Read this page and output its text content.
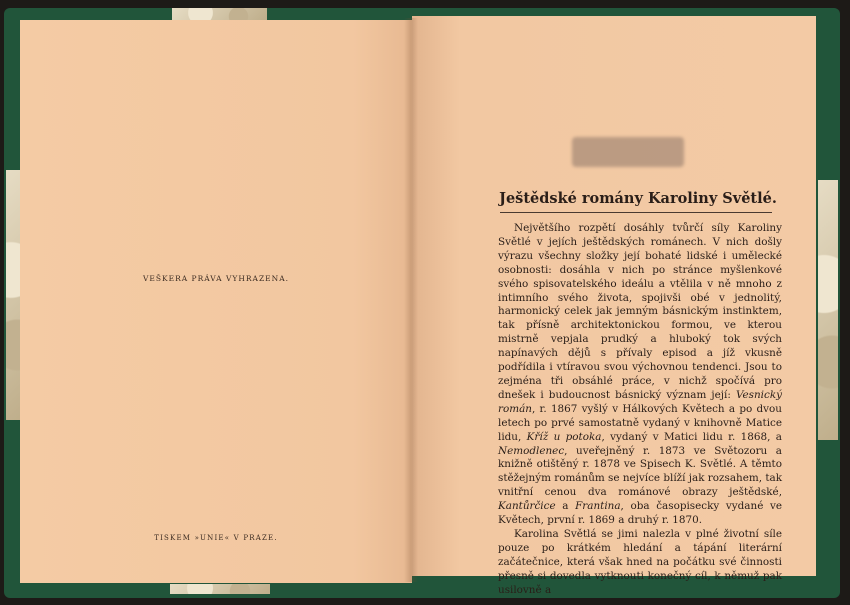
VEŠKERA PRÁVA VYHRAZENA.
TISKEM »UNIE« V PRAZE.
Ještědské romány Karoliny Světlé.

Největšího rozpětí dosáhly tvůrčí síly Karoliny Světlé v jejích ještědských románech. V nich došly výrazu všechny složky její bohaté lidské i umělecké osobnosti: dosáhla v nich po stránce myšlenkové svého spisovatelského ideálu a vtělila v ně mnoho z intimního svého života, spojivši obé v jednolitý, harmonický celek jak jemným básnickým instinktem, tak přísně architektonickou formou, ve kterou mistrně vepjala prudký a hluboký tok svých napínavých dějů s přívaly episod a jíž vkusně podřídila i vtíravou svou výchovnou tendenci. Jsou to zejména tři obsáhlé práce, v nichž spočívá pro dnešek i budoucnost básnický význam její: Vesnický román, r. 1867 vyšlý v Hálkových Květech a po dvou letech po prvé samostatně vydaný v knihovně Matice lidu, Kříž u potoka, vydaný v Matici lidu r. 1868, a Nemodlenec, uveřejněný r. 1873 ve Světozoru a knižně otištěný r. 1878 ve Spisech K. Světlé. A těmto stěžejným románům se nejvíce blíží jak rozsahem, tak vnitřní cenou dva románové obrazy ještědské, Kantůrčice a Frantina, oba časopisecky vydané ve Květech, první r. 1869 a druhý r. 1870.

Karolina Světlá se jimi nalezla v plné životní síle pouze po krátkém hledání a tápání literární začátečnice, která však hned na počátku své činnosti přesně si dovedla vytknouti konečný cíl, k němuž pak usilovně a
